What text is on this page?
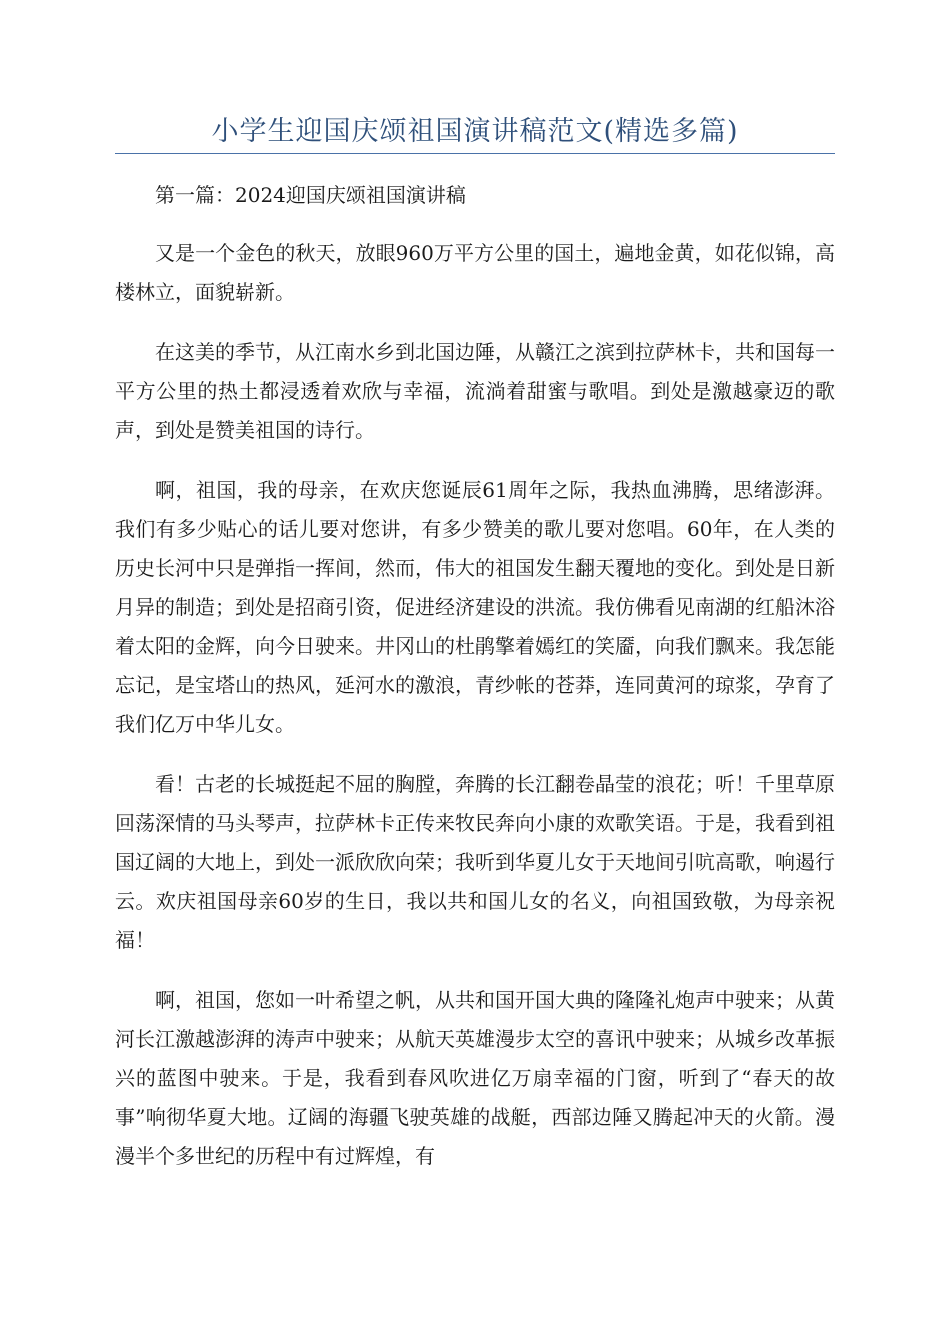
小学生迎国庆颂祖国演讲稿范文(精选多篇)

第一篇：2024迎国庆颂祖国演讲稿

又是一个金色的秋天，放眼960万平方公里的国土，遍地金黄，如花似锦，高楼林立，面貌崭新。

在这美的季节，从江南水乡到北国边陲，从赣江之滨到拉萨林卡，共和国每一平方公里的热土都浸透着欢欣与幸福，流淌着甜蜜与歌唱。到处是激越豪迈的歌声，到处是赞美祖国的诗行。

啊，祖国，我的母亲，在欢庆您诞辰61周年之际，我热血沸腾，思绪澎湃。我们有多少贴心的话儿要对您讲，有多少赞美的歌儿要对您唱。60年，在人类的历史长河中只是弹指一挥间，然而，伟大的祖国发生翻天覆地的变化。到处是日新月异的制造；到处是招商引资，促进经济建设的洪流。我仿佛看见南湖的红船沐浴着太阳的金辉，向今日驶来。井冈山的杜鹃擎着嫣红的笑靥，向我们飘来。我怎能忘记，是宝塔山的热风，延河水的激浪，青纱帐的苍莽，连同黄河的琼浆，孕育了我们亿万中华儿女。

看！古老的长城挺起不屈的胸膛，奔腾的长江翻卷晶莹的浪花；听！千里草原回荡深情的马头琴声，拉萨林卡正传来牧民奔向小康的欢歌笑语。于是，我看到祖国辽阔的大地上，到处一派欣欣向荣；我听到华夏儿女于天地间引吭高歌，响遏行云。欢庆祖国母亲60岁的生日，我以共和国儿女的名义，向祖国致敬，为母亲祝福！

啊，祖国，您如一叶希望之帆，从共和国开国大典的隆隆礼炮声中驶来；从黄河长江激越澎湃的涛声中驶来；从航天英雄漫步太空的喜讯中驶来；从城乡改革振兴的蓝图中驶来。于是，我看到春风吹进亿万扇幸福的门窗，听到了“春天的故事”响彻华夏大地。辽阔的海疆飞驶英雄的战艇，西部边陲又腾起冲天的火箭。漫漫半个多世纪的历程中有过辉煌，有
